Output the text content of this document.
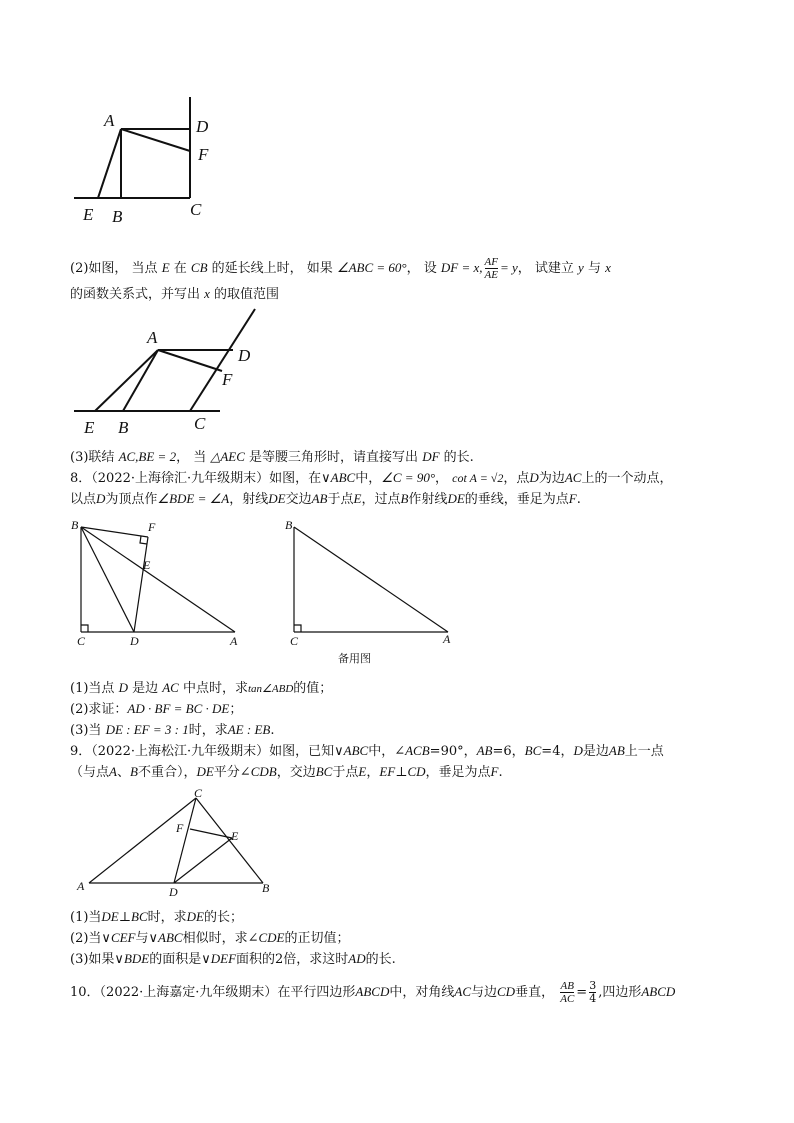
A	D
F
E B	C
(2)如图， 当点 E 在 CB 的延长线上时， 如果 ∠ABC = 60°， 设 DF = x, $\frac{AF}{AE} = y$， 试建立 y 与 x
的函数关系式，并写出 x 的取值范围
A
D
F
E B	C
(3)联结 AC,BE = 2， 当 △AEC 是等腰三角形时，请直接写出 DF 的长.
8．（2022·上海徐汇·九年级期末）如图，在∨ABC中，∠C = 90°， cot A = √2，点D为边AC上的一个动点，
以点D为顶点作∠BDE = ∠A，射线DE交边AB于点E，过点B作射线DE的垂线，垂足为点F.
B	F
E
C	D	A
B
C	A
备用图
(1)当点 D 是边 AC 中点时，求tan∠ABD的值；
(2)求证：AD · BF = BC · DE；
(3)当 DE : EF = 3 : 1时，求AE : EB.
9．（2022·上海松江·九年级期末）如图，已知∨ABC中，∠ACB=90°，AB=6，BC=4，D是边AB上一点
（与点A、B不重合），DE平分∠CDB，交边BC于点E，EF⊥CD，垂足为点F.
C
F
E
A	D	B
(1)当DE⊥BC时，求DE的长；
(2)当∨CEF与∨ABC相似时，求∠CDE的正切值；
(3)如果∨BDE的面积是∨DEF面积的2倍，求这时AD的长.
10．（2022·上海嘉定·九年级期末）在平行四边形ABCD中，对角线AC与边CD垂直， $\frac{AB}{AC} = \frac{3}{4}$ ,四边形ABCD
